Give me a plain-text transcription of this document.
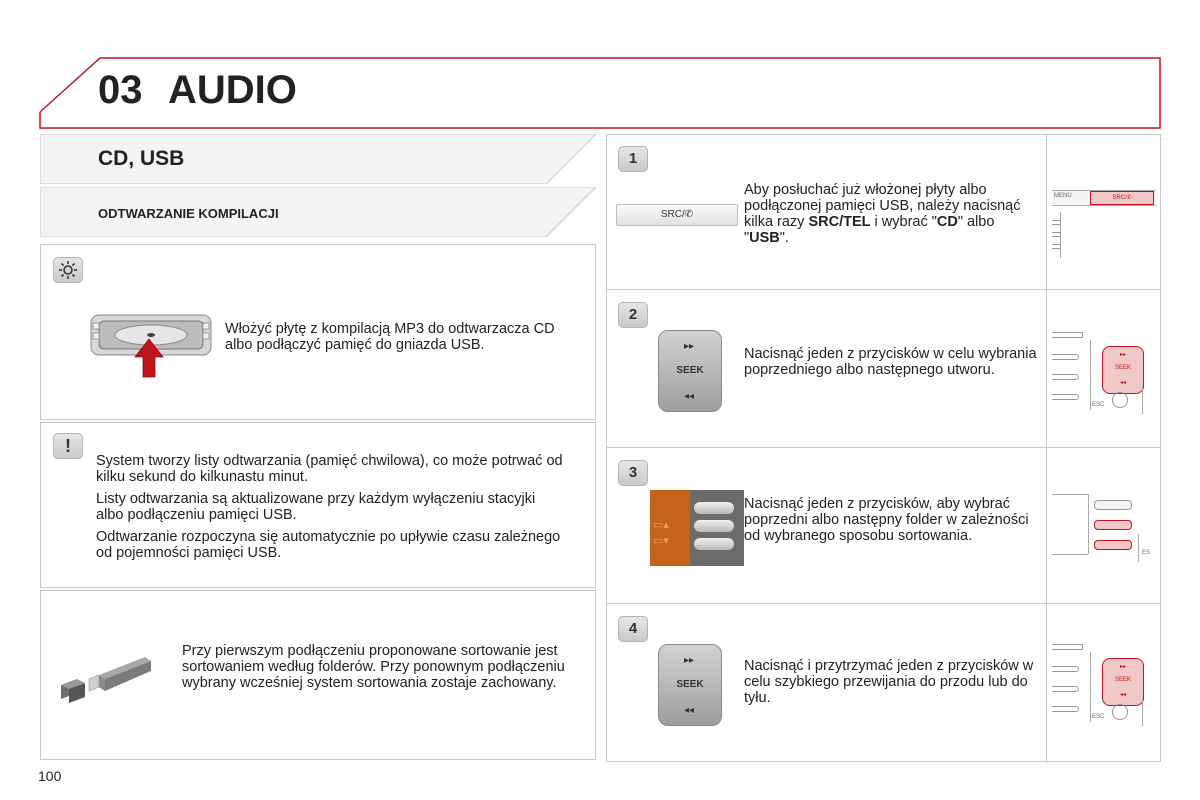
03 AUDIO
CD, USB
ODTWARZANIE KOMPILACJI
Włożyć płytę z kompilacją MP3 do odtwarzacza CD albo podłączyć pamięć do gniazda USB.
!

System tworzy listy odtwarzania (pamięć chwilowa), co może potrwać od kilku sekund do kilkunastu minut.

Listy odtwarzania są aktualizowane przy każdym wyłączeniu stacyjki albo podłączeniu pamięci USB.

Odtwarzanie rozpoczyna się automatycznie po upływie czasu zależnego od pojemności pamięci USB.

Przy pierwszym podłączeniu proponowane sortowanie jest sortowaniem według folderów. Przy ponownym podłączeniu wybrany wcześniej system sortowania zostaje zachowany.
1
SRC/✆
Aby posłuchać już włożonej płyty albo podłączonej pamięci USB, należy nacisnąć kilka razy SRC/TEL i wybrać "CD" albo "USB".
MENU	SRC/✆
2
▸▸
SEEK
◂◂
Nacisnąć jeden z przycisków w celu wybrania poprzedniego albo następnego utworu.
▸▸
SEEK
◂◂
ESC
3
▭▴
▭▾
Nacisnąć jeden z przycisków, aby wybrać poprzedni albo następny folder w zależności od wybranego sposobu sortowania.
ES
4
▸▸
SEEK
◂◂
Nacisnąć i przytrzymać jeden z przycisków w celu szybkiego przewijania do przodu lub do tyłu.
▸▸
SEEK
◂◂
ESC
100
